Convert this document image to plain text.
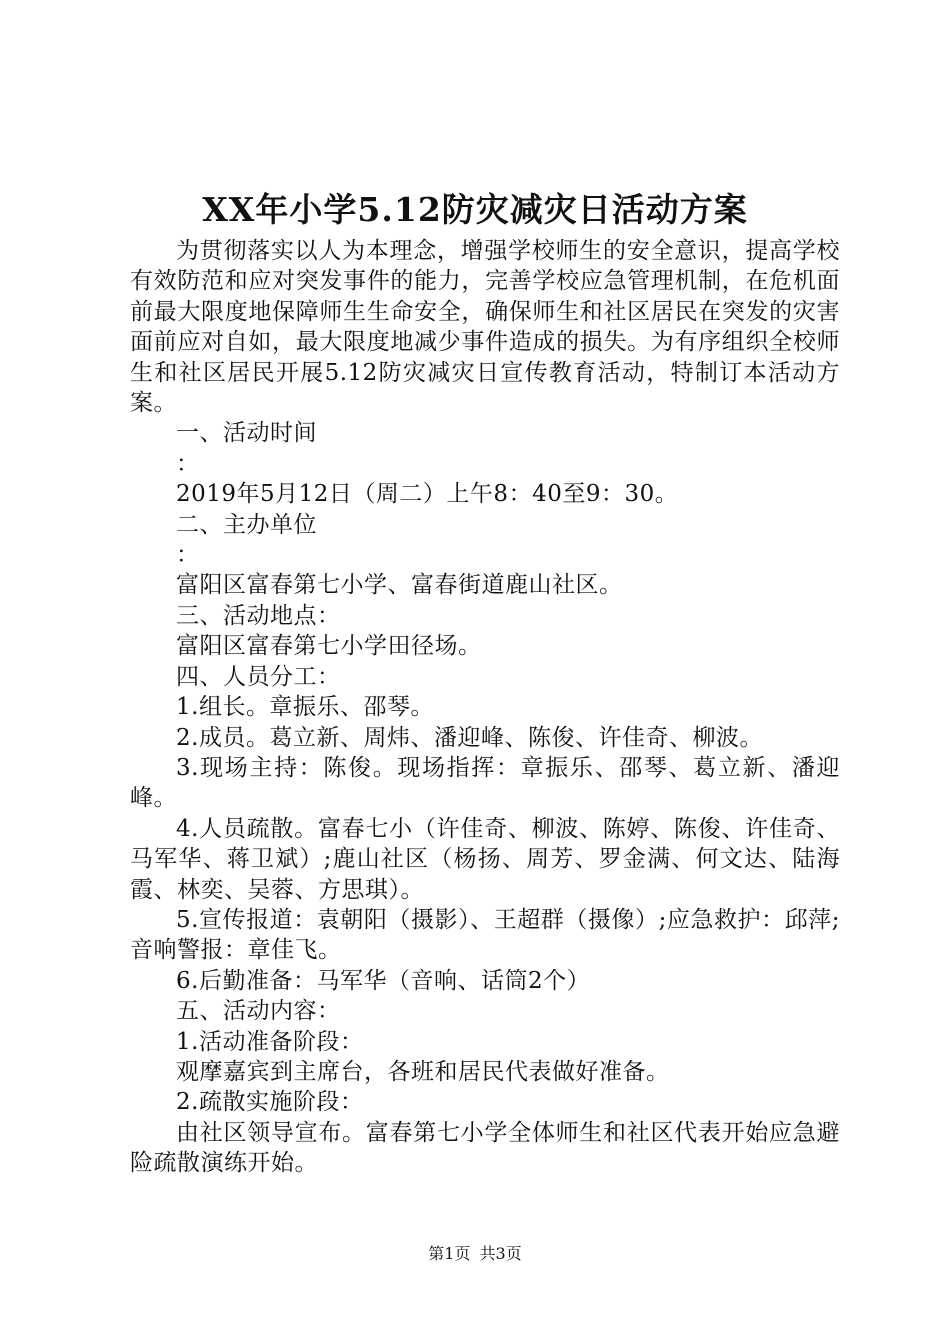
XX年小学5.12防灾减灾日活动方案

为贯彻落实以人为本理念，增强学校师生的安全意识，提高学校有效防范和应对突发事件的能力，完善学校应急管理机制，在危机面前最大限度地保障师生生命安全，确保师生和社区居民在突发的灾害面前应对自如，最大限度地减少事件造成的损失。为有序组织全校师生和社区居民开展5.12防灾减灾日宣传教育活动，特制订本活动方案。

一、活动时间

：

2019年5月12日（周二）上午8：40至9：30。

二、主办单位

：

富阳区富春第七小学、富春街道鹿山社区。

三、活动地点：

富阳区富春第七小学田径场。

四、人员分工：

1.组长。章振乐、邵琴。

2.成员。葛立新、周炜、潘迎峰、陈俊、许佳奇、柳波。

3.现场主持：陈俊。现场指挥：章振乐、邵琴、葛立新、潘迎峰。

4.人员疏散。富春七小（许佳奇、柳波、陈婷、陈俊、许佳奇、马军华、蒋卫斌）;鹿山社区（杨扬、周芳、罗金满、何文达、陆海霞、林奕、吴蓉、方思琪）。

5.宣传报道：袁朝阳（摄影）、王超群（摄像）;应急救护：邱萍;音响警报：章佳飞。

6.后勤准备：马军华（音响、话筒2个）

五、活动内容：

1.活动准备阶段：

观摩嘉宾到主席台，各班和居民代表做好准备。

2.疏散实施阶段：

由社区领导宣布。富春第七小学全体师生和社区代表开始应急避险疏散演练开始。

第1页 共3页
